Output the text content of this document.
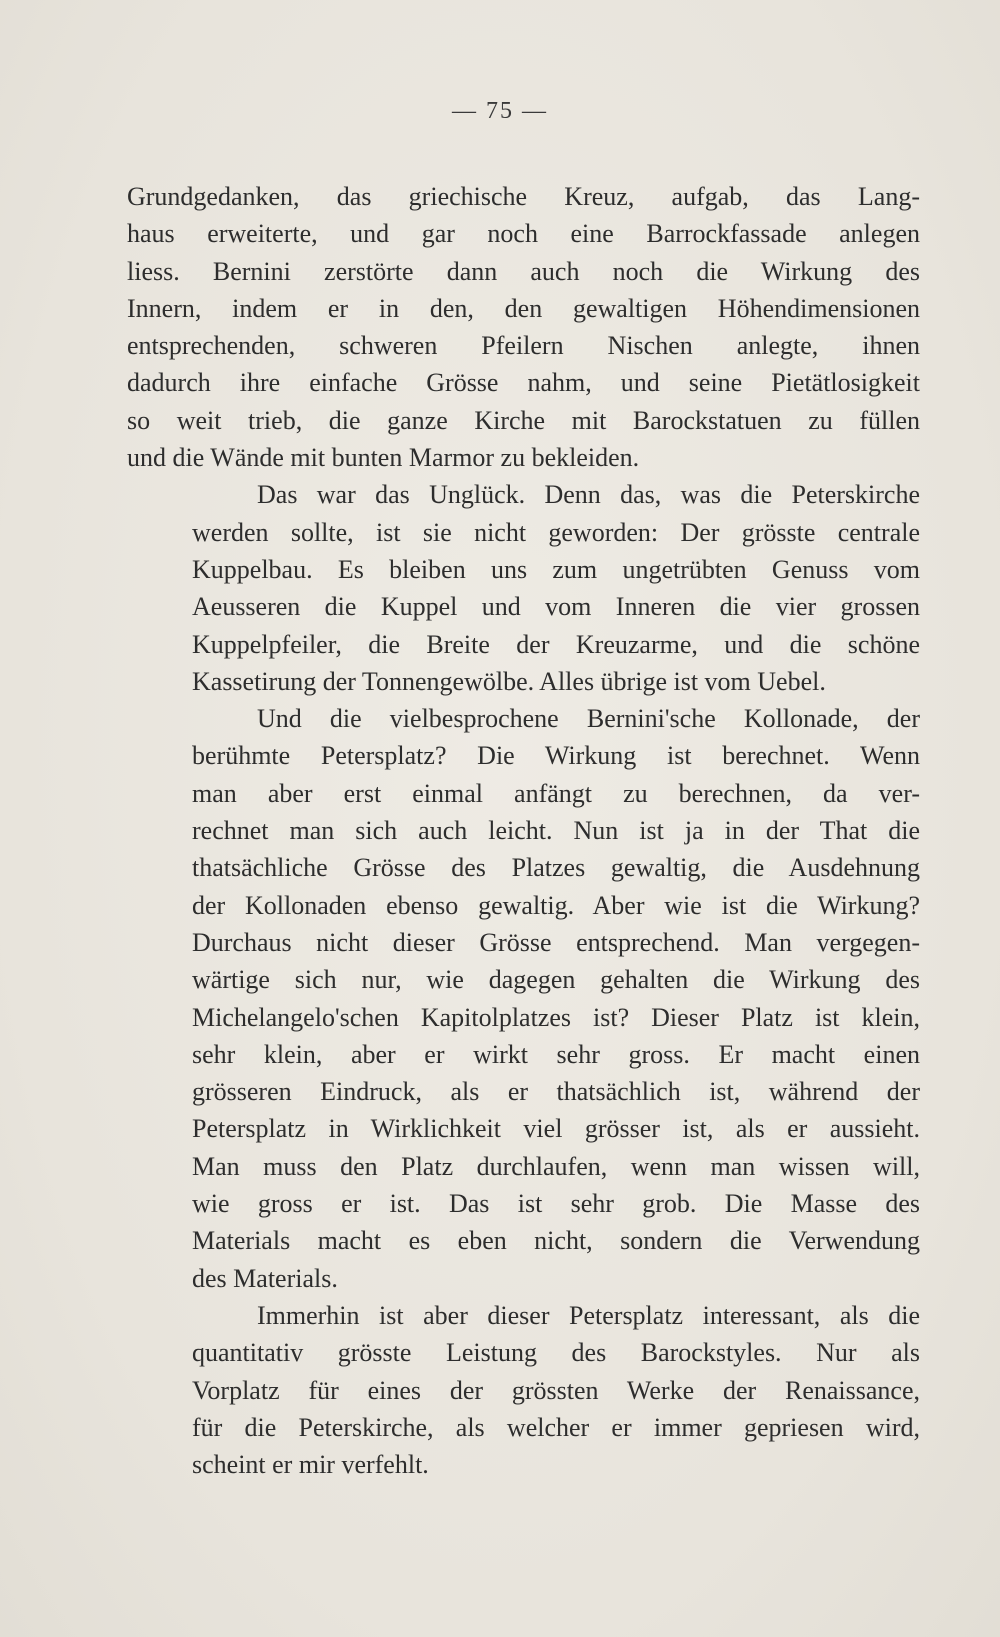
— 75 —
Grundgedanken, das griechische Kreuz, aufgab, das Lang-
haus erweiterte, und gar noch eine Barrockfassade anlegen
liess. Bernini zerstörte dann auch noch die Wirkung des
Innern, indem er in den, den gewaltigen Höhendimensionen
entsprechenden, schweren Pfeilern Nischen anlegte, ihnen
dadurch ihre einfache Grösse nahm, und seine Pietätlosigkeit
so weit trieb, die ganze Kirche mit Barockstatuen zu füllen
und die Wände mit bunten Marmor zu bekleiden.
Das war das Unglück. Denn das, was die Peterskirche
werden sollte, ist sie nicht geworden: Der grösste centrale
Kuppelbau. Es bleiben uns zum ungetrübten Genuss vom
Aeusseren die Kuppel und vom Inneren die vier grossen
Kuppelpfeiler, die Breite der Kreuzarme, und die schöne
Kassetirung der Tonnengewölbe. Alles übrige ist vom Uebel.
Und die vielbesprochene Bernini'sche Kollonade, der
berühmte Petersplatz? Die Wirkung ist berechnet. Wenn
man aber erst einmal anfängt zu berechnen, da ver-
rechnet man sich auch leicht. Nun ist ja in der That die
thatsächliche Grösse des Platzes gewaltig, die Ausdehnung
der Kollonaden ebenso gewaltig. Aber wie ist die Wirkung?
Durchaus nicht dieser Grösse entsprechend. Man vergegen-
wärtige sich nur, wie dagegen gehalten die Wirkung des
Michelangelo'schen Kapitolplatzes ist? Dieser Platz ist klein,
sehr klein, aber er wirkt sehr gross. Er macht einen
grösseren Eindruck, als er thatsächlich ist, während der
Petersplatz in Wirklichkeit viel grösser ist, als er aussieht.
Man muss den Platz durchlaufen, wenn man wissen will,
wie gross er ist. Das ist sehr grob. Die Masse des
Materials macht es eben nicht, sondern die Verwendung
des Materials.
Immerhin ist aber dieser Petersplatz interessant, als die
quantitativ grösste Leistung des Barockstyles. Nur als
Vorplatz für eines der grössten Werke der Renaissance,
für die Peterskirche, als welcher er immer gepriesen wird,
scheint er mir verfehlt.
